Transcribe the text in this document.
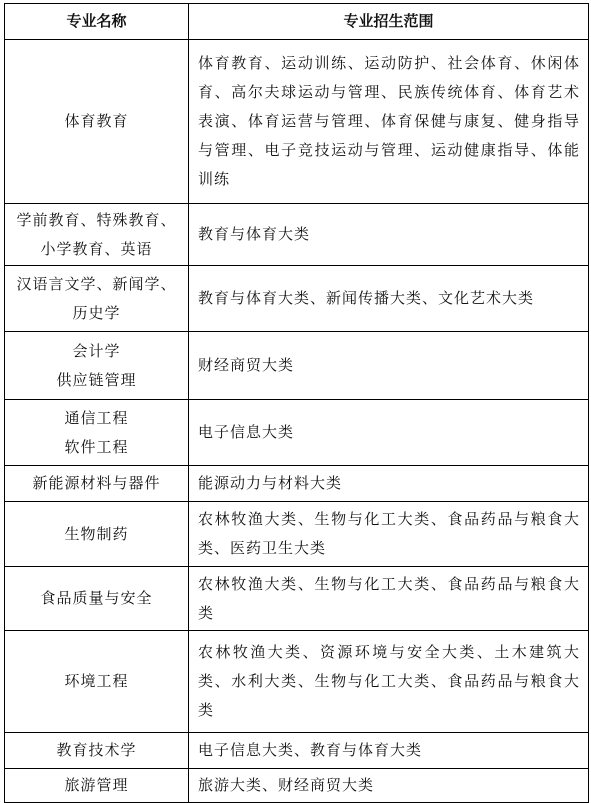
专业名称	专业招生范围

体育教育	体育教育、运动训练、运动防护、社会体育、休闲体育、高尔夫球运动与管理、民族传统体育、体育艺术表演、体育运营与管理、体育保健与康复、健身指导与管理、电子竞技运动与管理、运动健康指导、体能训练

学前教育、特殊教育、
小学教育、英语	教育与体育大类

汉语言文学、新闻学、
历史学	教育与体育大类、新闻传播大类、文化艺术大类

会计学
供应链管理	财经商贸大类

通信工程
软件工程	电子信息大类

新能源材料与器件	能源动力与材料大类

生物制药	农林牧渔大类、生物与化工大类、食品药品与粮食大类、医药卫生大类

食品质量与安全	农林牧渔大类、生物与化工大类、食品药品与粮食大类

环境工程	农林牧渔大类、资源环境与安全大类、土木建筑大类、水利大类、生物与化工大类、食品药品与粮食大类

教育技术学	电子信息大类、教育与体育大类

旅游管理	旅游大类、财经商贸大类
